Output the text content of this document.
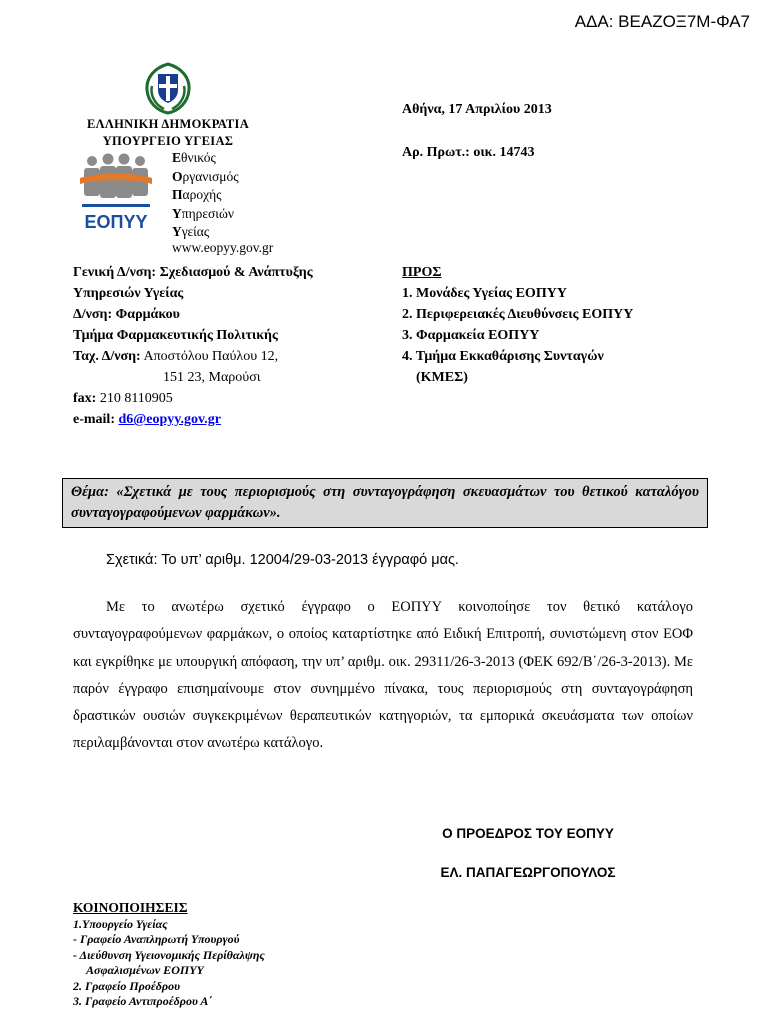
ΑΔΑ: ΒΕΑΖΟΞ7Μ-ΦΑ7
ΕΛΛΗΝΙΚΗ ΔΗΜΟΚΡΑΤΙΑ
ΥΠΟΥΡΓΕΙΟ ΥΓΕΙΑΣ
ΕΟΠΥΥ
Εθνικός
Οργανισμός
Παροχής
Υπηρεσιών
Υγείας
www.eopyy.gov.gr
Αθήνα, 17 Απριλίου 2013
Αρ. Πρωτ.: οικ. 14743
Γενική Δ/νση: Σχεδιασμού & Ανάπτυξης
Υπηρεσιών Υγείας
Δ/νση: Φαρμάκου
Τμήμα Φαρμακευτικής Πολιτικής
Ταχ. Δ/νση: Αποστόλου Παύλου 12,
151 23, Μαρούσι
fax: 210 8110905
e-mail: d6@eopyy.gov.gr
ΠΡΟΣ
1. Μονάδες Υγείας ΕΟΠΥΥ
2. Περιφερειακές Διευθύνσεις ΕΟΠΥΥ
3. Φαρμακεία ΕΟΠΥΥ
4. Τμήμα Εκκαθάρισης Συνταγών
(ΚΜΕΣ)
Θέμα: «Σχετικά με τους περιορισμούς στη συνταγογράφηση σκευασμάτων του θετικού καταλόγου συνταγογραφούμενων φαρμάκων».
Σχετικά: Το υπ’ αριθμ. 12004/29-03-2013 έγγραφό μας.
Με το ανωτέρω σχετικό έγγραφο ο ΕΟΠΥΥ κοινοποίησε τον θετικό κατάλογο συνταγογραφούμενων φαρμάκων, ο οποίος καταρτίστηκε από Ειδική Επιτροπή, συνιστώμενη στον ΕΟΦ και εγκρίθηκε με υπουργική απόφαση, την υπ’ αριθμ. οικ. 29311/26-3-2013 (ΦΕΚ 692/Β΄/26-3-2013). Με παρόν έγγραφο επισημαίνουμε στον συνημμένο πίνακα, τους περιορισμούς στη συνταγογράφηση δραστικών ουσιών συγκεκριμένων θεραπευτικών κατηγοριών, τα εμπορικά σκευάσματα των οποίων περιλαμβάνονται στον ανωτέρω κατάλογο.
Ο ΠΡΟΕΔΡΟΣ ΤΟΥ ΕΟΠΥΥ
ΕΛ. ΠΑΠΑΓΕΩΡΓΟΠΟΥΛΟΣ
ΚΟΙΝΟΠΟΙΗΣΕΙΣ
1.Υπουργείο Υγείας
- Γραφείο Αναπληρωτή Υπουργού
- Διεύθυνση Υγειονομικής Περίθαλψης
Ασφαλισμένων ΕΟΠΥΥ
2. Γραφείο Προέδρου
3. Γραφείο Αντιπροέδρου Α΄
